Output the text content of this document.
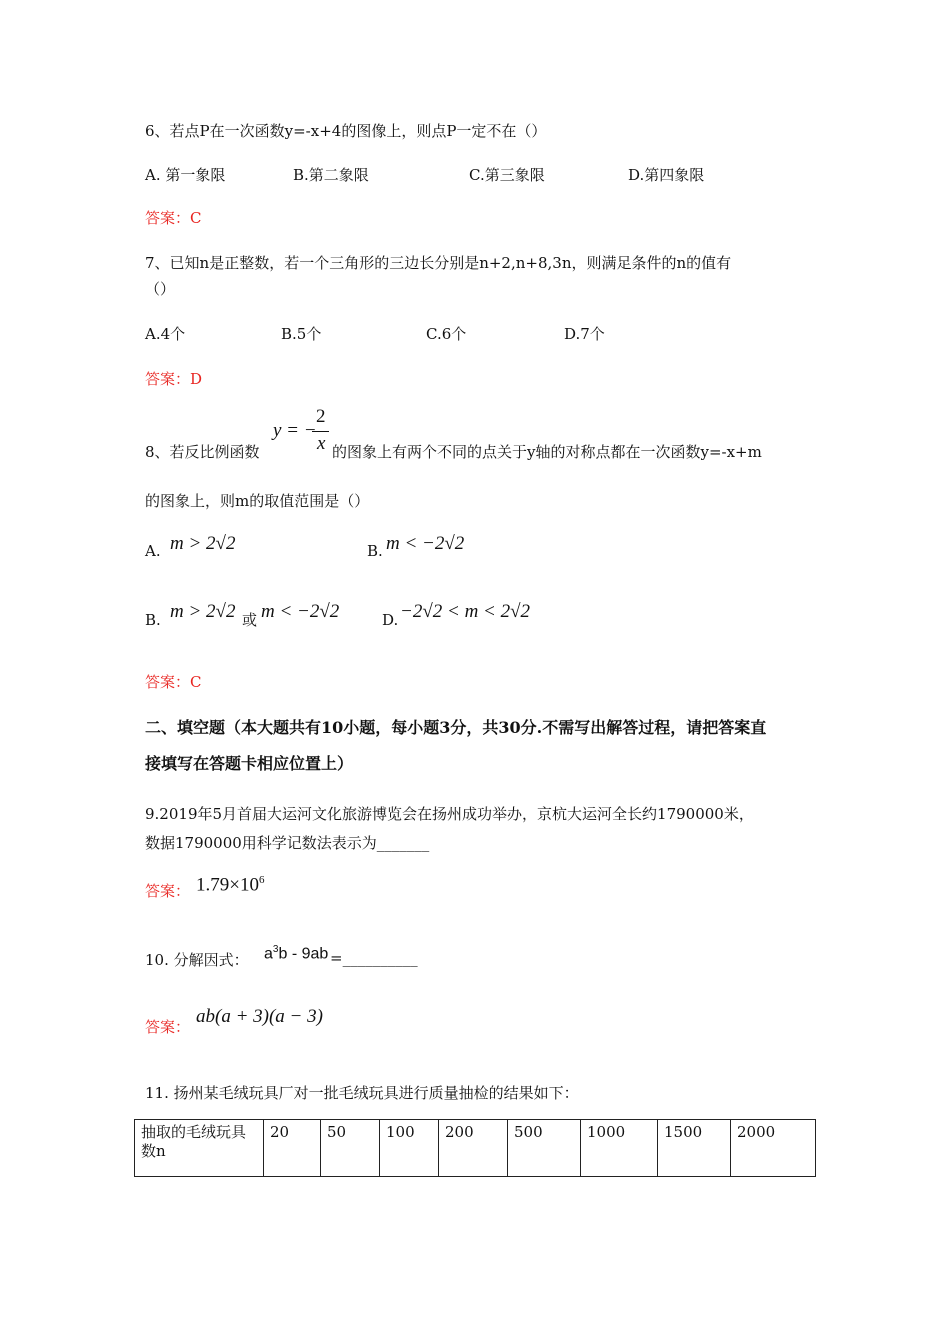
6、若点P在一次函数y=-x+4的图像上，则点P一定不在（）
A. 第一象限	B.第二象限	C.第三象限	D.第四象限
答案：C
7、已知n是正整数，若一个三角形的三边长分别是n+2,n+8,3n，则满足条件的n的值有
（）
A.4个	B.5个	C.6个	D.7个
答案：D
8、若反比例函数
y = −
2
x 的图象上有两个不同的点关于y轴的对称点都在一次函数y=-x+m
的图象上，则m的取值范围是（）
A. m > 2√2	B. m < −2√2
B. m > 2√2 或 m < −2√2	D. −2√2 < m < 2√2
答案：C
二、填空题（本大题共有10小题，每小题3分，共30分.不需写出解答过程，请把答案直
接填写在答题卡相应位置上）
9.2019年5月首届大运河文化旅游博览会在扬州成功举办，京杭大运河全长约1790000米，
数据1790000用科学记数法表示为_______
答案： $1.79\times 10^6$
10. 分解因式： $a^3b - 9ab$ =__________
答案： ab(a + 3)(a − 3)
11. 扬州某毛绒玩具厂对一批毛绒玩具进行质量抽检的结果如下：
抽取的毛绒玩具数n	20	50	100	200	500	1000	1500	2000
